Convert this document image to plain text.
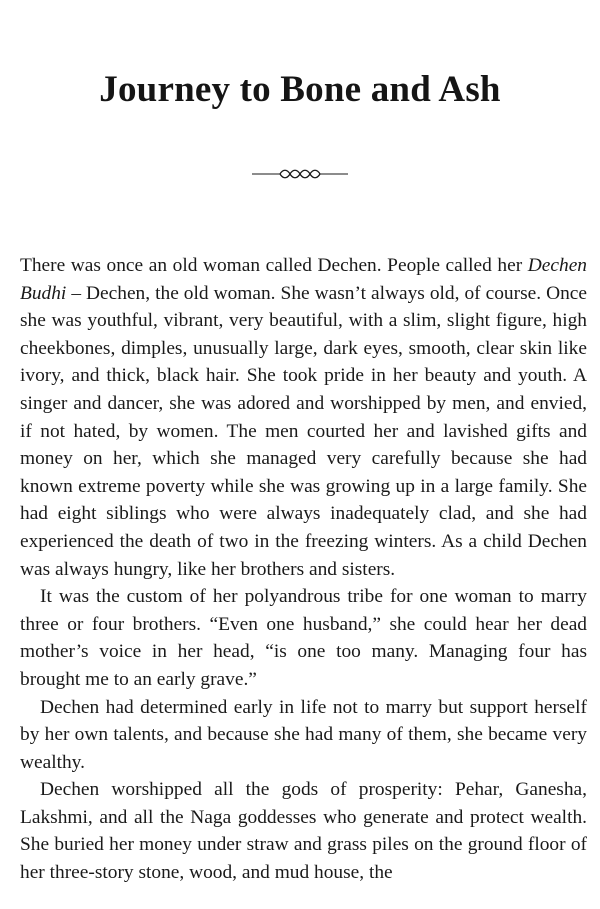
Journey to Bone and Ash

There was once an old woman called Dechen. People called her Dechen Budhi – Dechen, the old woman. She wasn’t always old, of course. Once she was youthful, vibrant, very beautiful, with a slim, slight figure, high cheekbones, dimples, unusually large, dark eyes, smooth, clear skin like ivory, and thick, black hair. She took pride in her beauty and youth. A singer and dancer, she was adored and worshipped by men, and envied, if not hated, by women. The men courted her and lavished gifts and money on her, which she managed very carefully because she had known extreme poverty while she was growing up in a large family. She had eight siblings who were always inadequately clad, and she had experienced the death of two in the freezing winters. As a child Dechen was always hungry, like her brothers and sisters.

It was the custom of her polyandrous tribe for one woman to marry three or four brothers. “Even one husband,” she could hear her dead mother’s voice in her head, “is one too many. Managing four has brought me to an early grave.”

Dechen had determined early in life not to marry but support herself by her own talents, and because she had many of them, she became very wealthy.

Dechen worshipped all the gods of prosperity: Pehar, Ganesha, Lakshmi, and all the Naga goddesses who generate and protect wealth. She buried her money under straw and grass piles on the ground floor of her three-story stone, wood, and mud house, the
